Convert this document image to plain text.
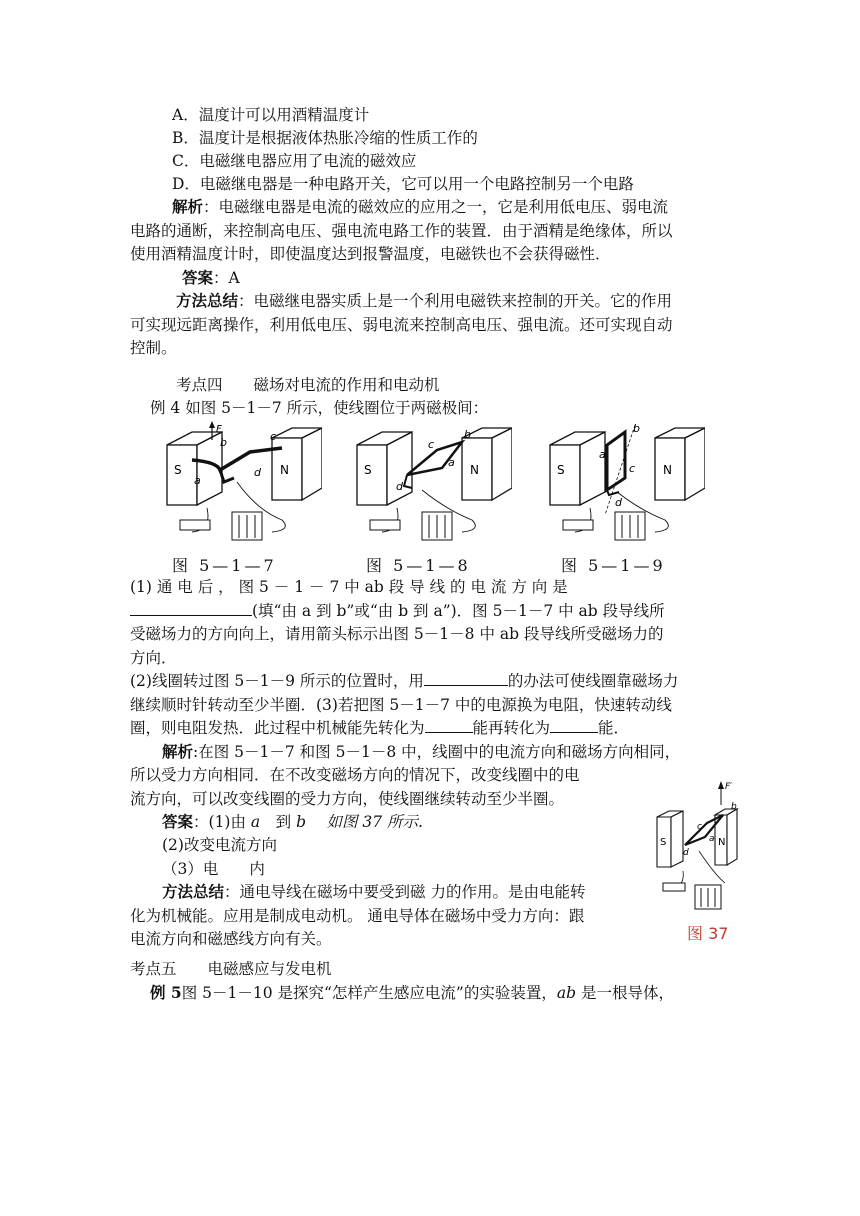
A．温度计可以用酒精温度计
B．温度计是根据液体热胀冷缩的性质工作的
C．电磁继电器应用了电流的磁效应
D．电磁继电器是一种电路开关，它可以用一个电路控制另一个电路
解析：电磁继电器是电流的磁效应的应用之一，它是利用低电压、弱电流
电路的通断，来控制高电压、强电流电路工作的装置．由于酒精是绝缘体，所以
使用酒精温度计时，即使温度达到报警温度，电磁铁也不会获得磁性．
答案：A
方法总结：电磁继电器实质上是一个利用电磁铁来控制的开关。它的作用
可实现远距离操作，利用低电压、弱电流来控制高电压、强电流。还可实现自动
控制。
考点四　　磁场对电流的作用和电动机
例 4 如图 5－1－7 所示，使线圈位于两磁极间：
S	N
a
b	c
d
F
S	N
a
b
c
d
S	N
a
b
c
d
图 5—1—7	图 5—1—8	图 5—1—9
(1) 通 电 后 ， 图 5 － 1 － 7 中 ab 段 导 线 的 电 流 方 向 是
(填“由 a 到 b”或“由 b 到 a”)．图 5－1－7 中 ab 段导线所
受磁场力的方向向上，请用箭头标示出图 5－1－8 中 ab 段导线所受磁场力的
方向．
(2)线圈转过图 5－1－9 所示的位置时，用	的办法可使线圈靠磁场力
继续顺时针转动至少半圈．(3)若把图 5－1－7 中的电源换为电阻，快速转动线
圈，则电阻发热．此过程中机械能先转化为	能再转化为	能．
解析:在图 5－1－7 和图 5－1－8 中，线圈中的电流方向和磁场方向相同，
所以受力方向相同．在不改变磁场方向的情况下，改变线圈中的电
流方向，可以改变线圈的受力方向，使线圈继续转动至少半圈。
答案：(1)由 a　到 b　 如图 37 所示.
(2)改变电流方向
（3）电　　内
方法总结：通电导线在磁场中要受到磁 力的作用。是由电能转
化为机械能。应用是制成电动机。 通电导体在磁场中受力方向：跟
电流方向和磁感线方向有关。
S	N
F′
b
c
d
a
图 37
考点五　　电磁感应与发电机
例 5图 5－1－10 是探究“怎样产生感应电流”的实验装置，ab 是一根导体，
